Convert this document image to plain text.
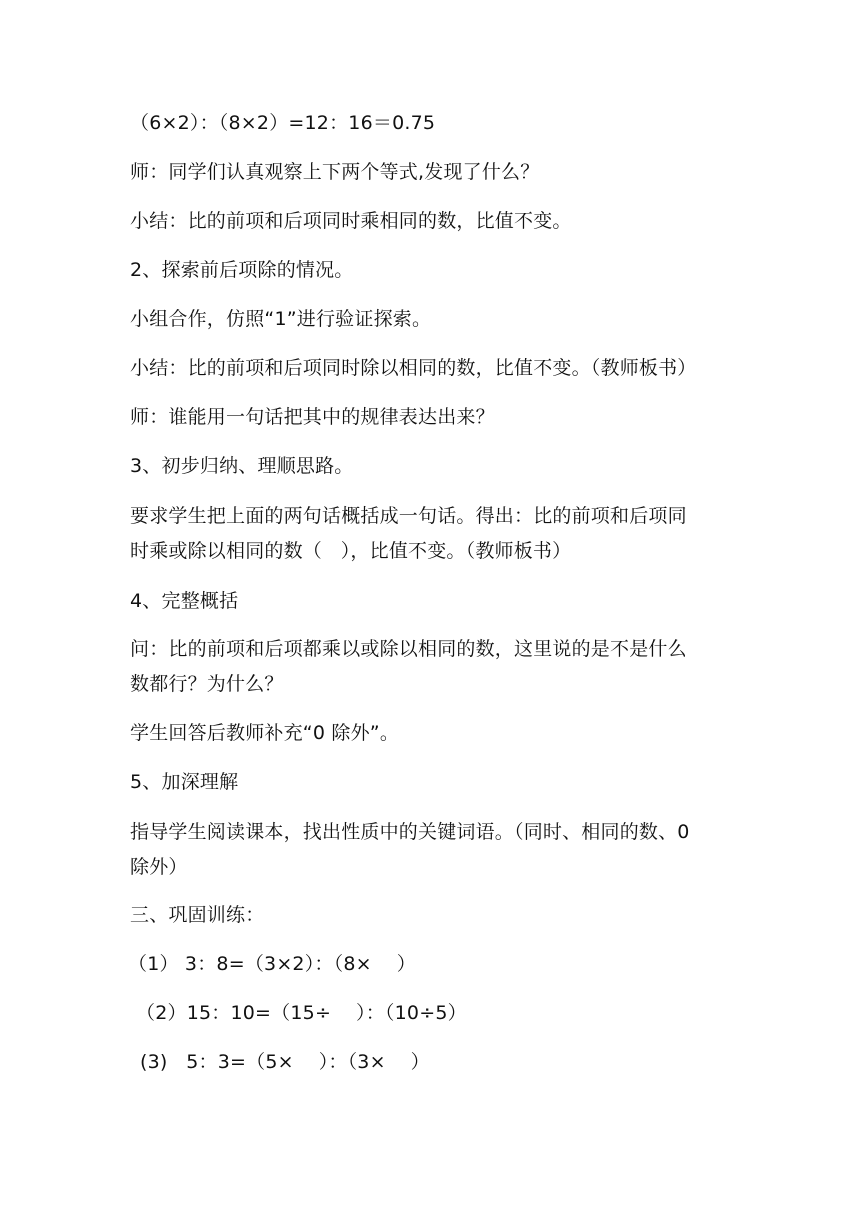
（6×2）：（8×2）=12：16＝0.75
师：同学们认真观察上下两个等式,发现了什么？
小结：比的前项和后项同时乘相同的数，比值不变。
2、探索前后项除的情况。
小组合作，仿照“1”进行验证探索。
小结：比的前项和后项同时除以相同的数，比值不变。（教师板书）
师：谁能用一句话把其中的规律表达出来？
3、初步归纳、理顺思路。
要求学生把上面的两句话概括成一句话。得出：比的前项和后项同
时乘或除以相同的数（   ），比值不变。（教师板书）
4、完整概括
问：比的前项和后项都乘以或除以相同的数，这里说的是不是什么
数都行？为什么？
学生回答后教师补充“0 除外”。
5、加深理解
指导学生阅读课本，找出性质中的关键词语。（同时、相同的数、0
除外）
三、巩固训练：
（1） 3：8=（3×2）：（8×    ）
（2）15：10=（15÷    ）：（10÷5）
(3)   5：3=（5×    ）：（3×    ）
